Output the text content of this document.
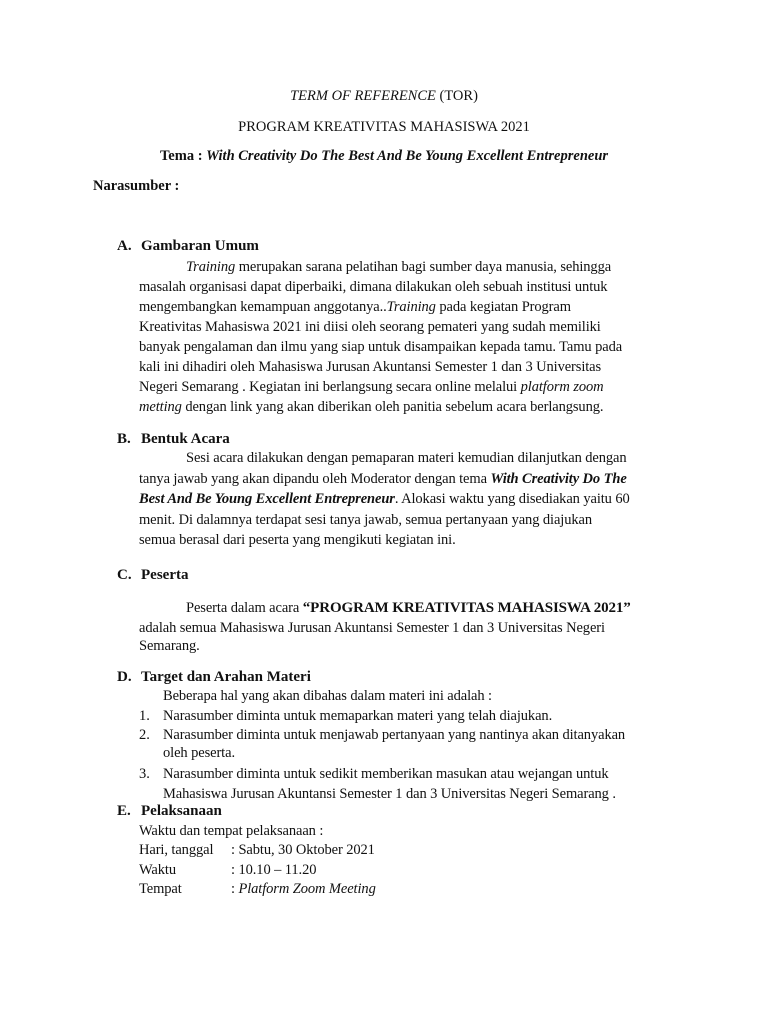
TERM OF REFERENCE (TOR)
PROGRAM KREATIVITAS MAHASISWA 2021
Tema : With Creativity Do The Best And Be Young Excellent Entrepreneur
Narasumber :
A. Gambaran Umum
Training merupakan sarana pelatihan bagi sumber daya manusia, sehingga
masalah organisasi dapat diperbaiki, dimana dilakukan oleh sebuah institusi untuk
mengembangkan kemampuan anggotanya..Training pada kegiatan Program
Kreativitas Mahasiswa 2021 ini diisi oleh seorang pemateri yang sudah memiliki
banyak pengalaman dan ilmu yang siap untuk disampaikan kepada tamu. Tamu pada
kali ini dihadiri oleh Mahasiswa Jurusan Akuntansi Semester 1 dan 3 Universitas
Negeri Semarang . Kegiatan ini berlangsung secara online melalui platform zoom
metting dengan link yang akan diberikan oleh panitia sebelum acara berlangsung.
B. Bentuk Acara
Sesi acara dilakukan dengan pemaparan materi kemudian dilanjutkan dengan
tanya jawab yang akan dipandu oleh Moderator dengan tema With Creativity Do The
Best And Be Young Excellent Entrepreneur. Alokasi waktu yang disediakan yaitu 60
menit. Di dalamnya terdapat sesi tanya jawab, semua pertanyaan yang diajukan
semua berasal dari peserta yang mengikuti kegiatan ini.
C. Peserta
Peserta dalam acara “PROGRAM KREATIVITAS MAHASISWA 2021”
adalah semua Mahasiswa Jurusan Akuntansi Semester 1 dan 3 Universitas Negeri
Semarang.
D. Target dan Arahan Materi
Beberapa hal yang akan dibahas dalam materi ini adalah :
1. Narasumber diminta untuk memaparkan materi yang telah diajukan.
2. Narasumber diminta untuk menjawab pertanyaan yang nantinya akan ditanyakan
oleh peserta.
3. Narasumber diminta untuk sedikit memberikan masukan atau wejangan untuk
Mahasiswa Jurusan Akuntansi Semester 1 dan 3 Universitas Negeri Semarang .
E. Pelaksanaan
Waktu dan tempat pelaksanaan :
Hari, tanggal : Sabtu, 30 Oktober 2021
Waktu	: 10.10 – 11.20
Tempat	: Platform Zoom Meeting
